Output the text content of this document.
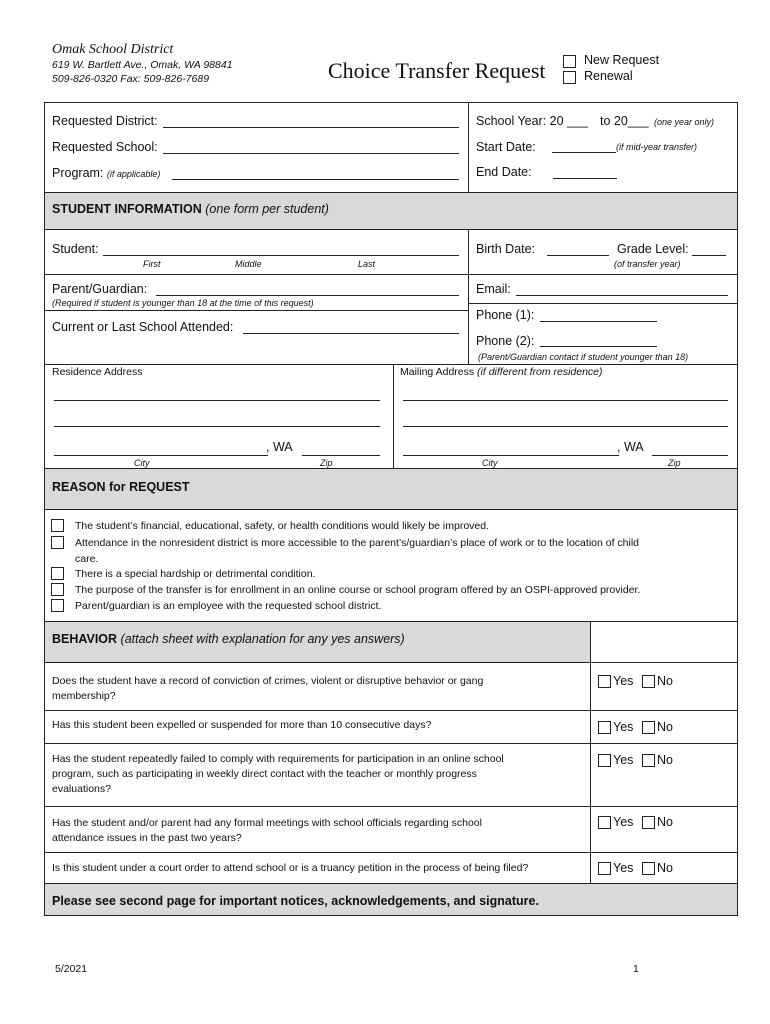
Omak School District
619 W. Bartlett Ave., Omak, WA 98841
509-826-0320 Fax: 509-826-7689	Choice Transfer Request	New Request
Renewal
Requested District:
Requested School:
Program: (if applicable)
School Year: 20 ___ to 20___ (one year only)
Start Date:	(if mid-year transfer)
End Date:
STUDENT INFORMATION (one form per student)
Student:
First	Middle	Last
Birth Date:	Grade Level:
(of transfer year)
Parent/Guardian:
(Required if student is younger than 18 at the time of this request)
Email:
Current or Last School Attended:
Phone (1):
Phone (2):
(Parent/Guardian contact if student younger than 18)
Residence Address	Mailing Address (if different from residence)
, WA
City	Zip
, WA
City	Zip
REASON for REQUEST
The student’s financial, educational, safety, or health conditions would likely be improved.
Attendance in the nonresident district is more accessible to the parent’s/guardian’s place of work or to the location of child
care.
There is a special hardship or detrimental condition.
The purpose of the transfer is for enrollment in an online course or school program offered by an OSPI-approved provider.
Parent/guardian is an employee with the requested school district.
BEHAVIOR (attach sheet with explanation for any yes answers)
Does the student have a record of conviction of crimes, violent or disruptive behavior or gang
membership?
Yes No
Has this student been expelled or suspended for more than 10 consecutive days?	Yes No
Has the student repeatedly failed to comply with requirements for participation in an online school
program, such as participating in weekly direct contact with the teacher or monthly progress
evaluations?
Yes No
Has the student and/or parent had any formal meetings with school officials regarding school
attendance issues in the past two years?
Yes No
Is this student under a court order to attend school or is a truancy petition in the process of being filed?	Yes No
Please see second page for important notices, acknowledgements, and signature.
5/2021	1
